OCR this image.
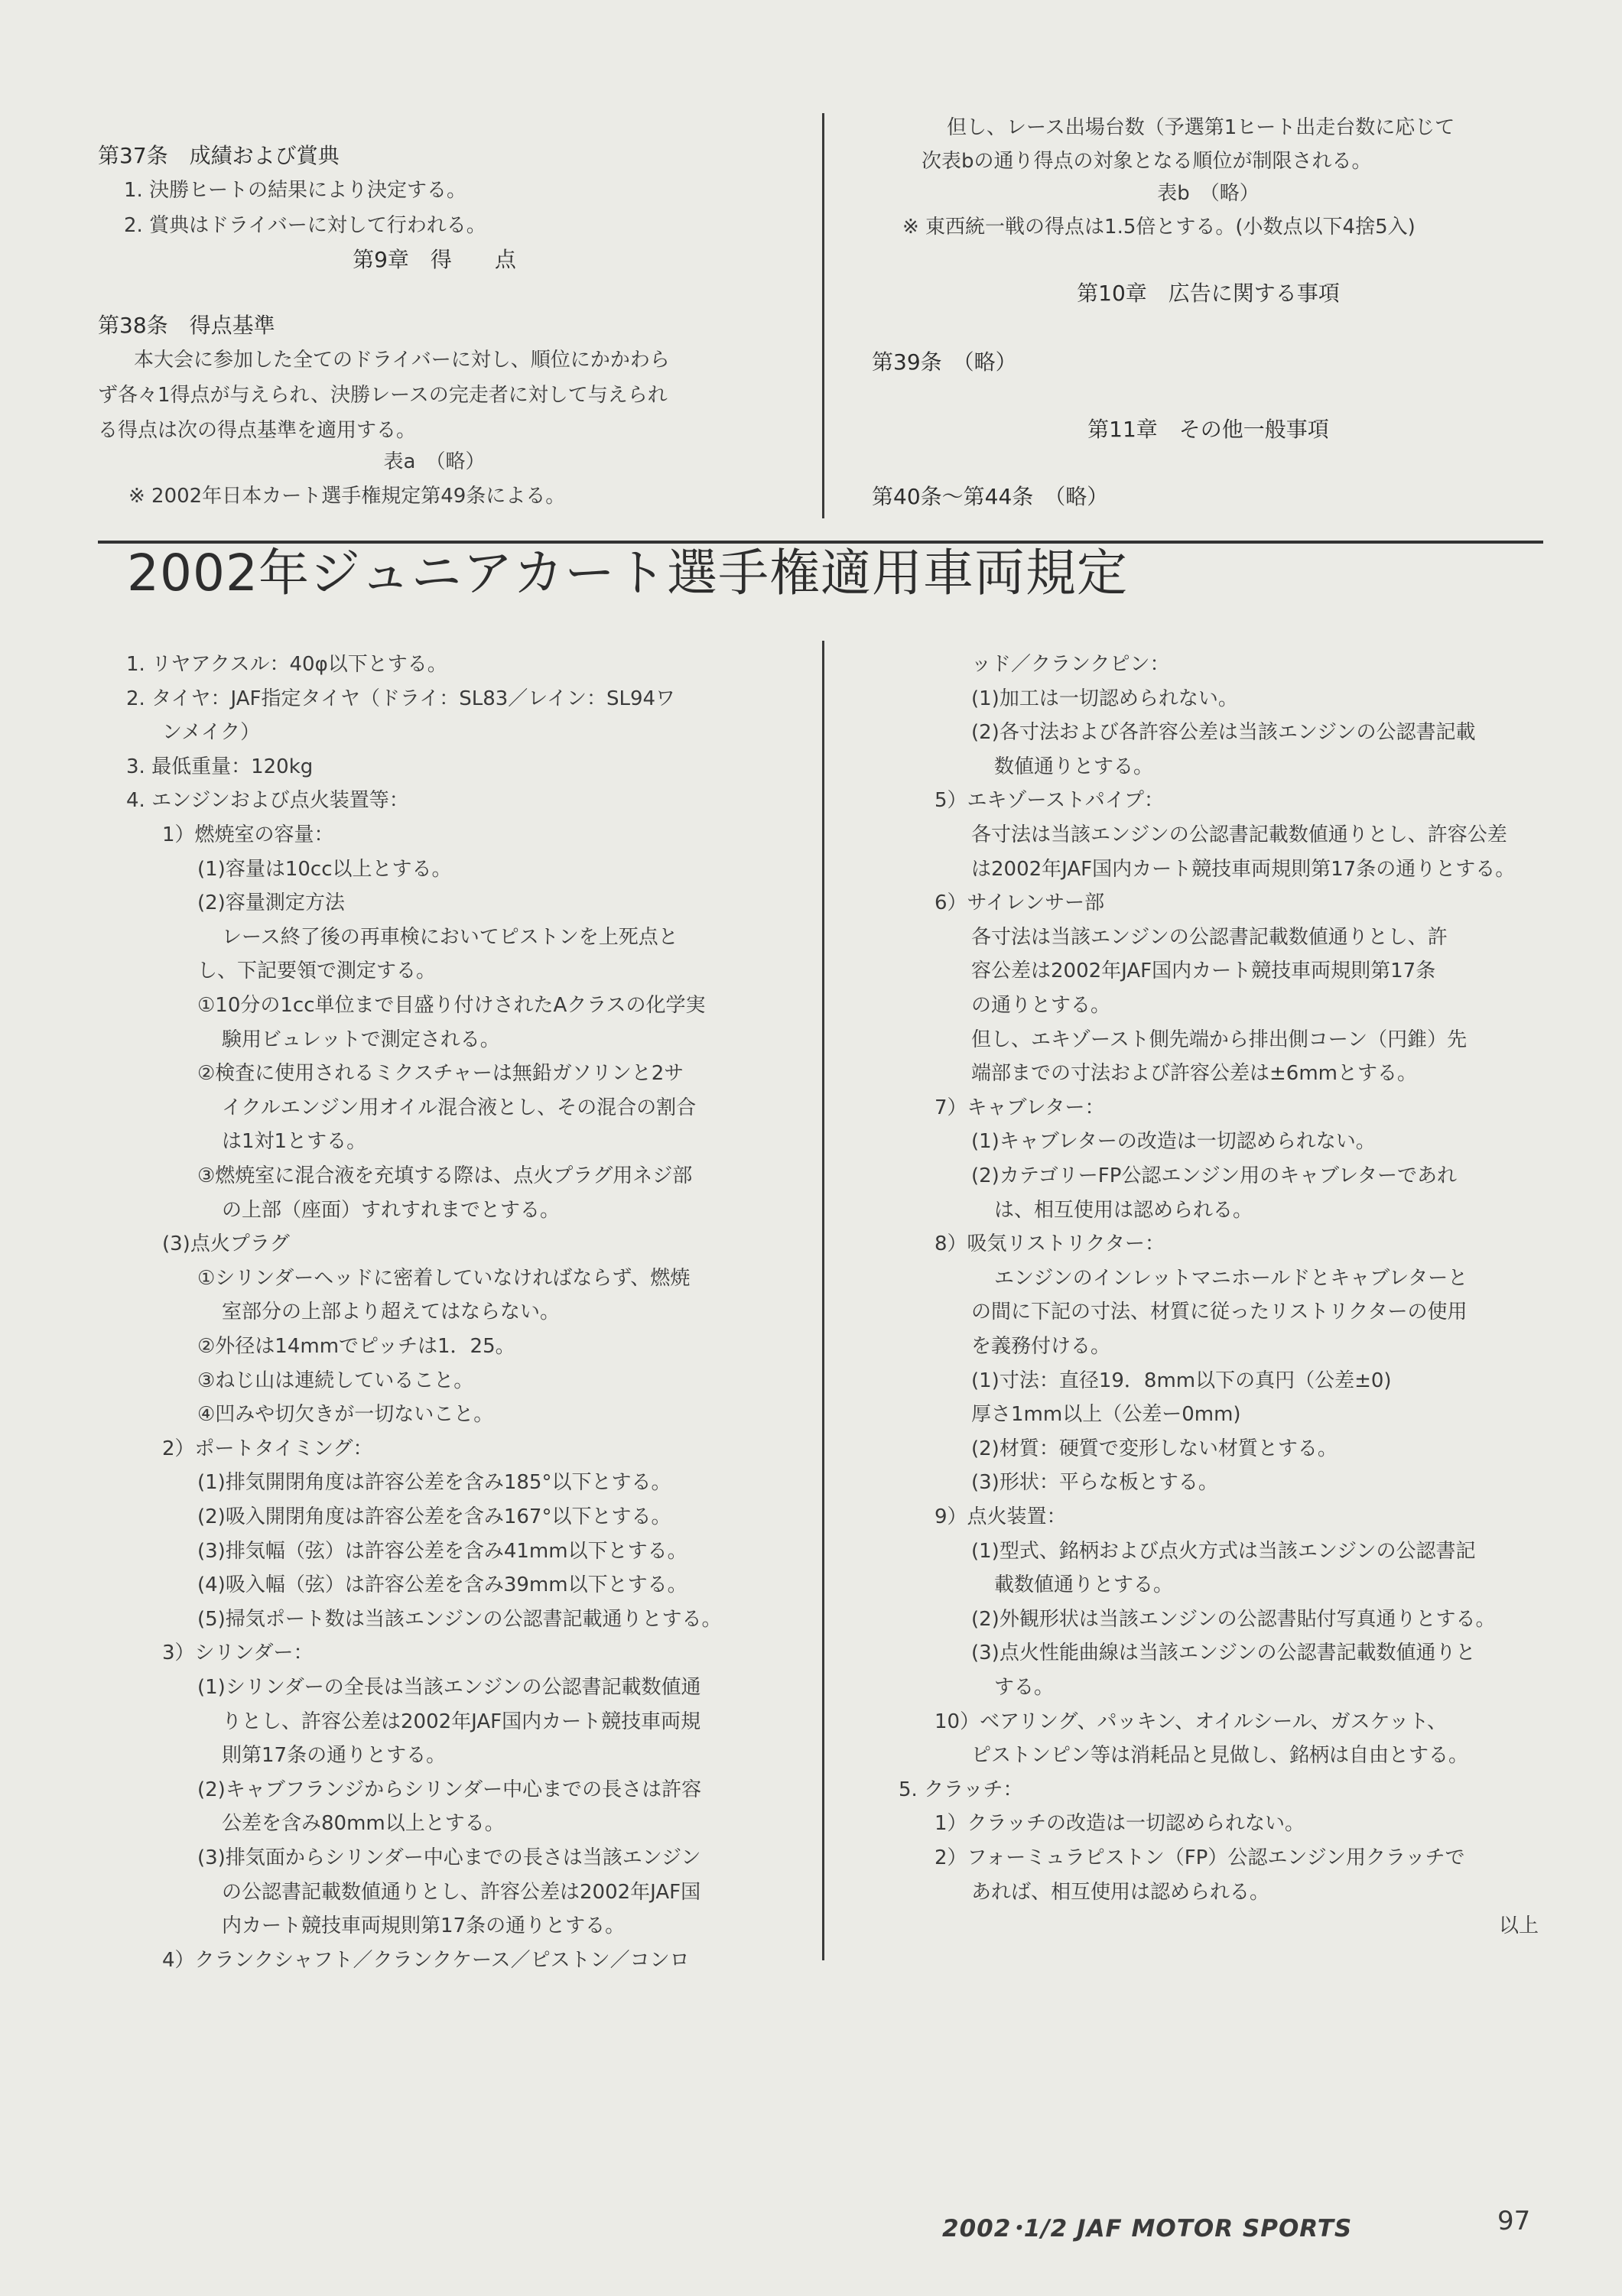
第37条　成績および賞典
1. 決勝ヒートの結果により決定する。
2. 賞典はドライバーに対して行われる。
第9章　得　　点
第38条　得点基準
本大会に参加した全てのドライバーに対し、順位にかかわら
ず各々1得点が与えられ、決勝レースの完走者に対して与えられ
る得点は次の得点基準を適用する。
表a　（略）
※ 2002年日本カート選手権規定第49条による。
但し、レース出場台数（予選第1ヒート出走台数に応じて
次表bの通り得点の対象となる順位が制限される。
表b　（略）
※ 東西統一戦の得点は1.5倍とする。(小数点以下4捨5入)
第10章　広告に関する事項
第39条　（略）
第11章　その他一般事項
第40条～第44条　（略）
2002年ジュニアカート選手権適用車両規定
1. リヤアクスル：40φ以下とする。
2. タイヤ：JAF指定タイヤ（ドライ：SL83／レイン：SL94ワ
ンメイク）
3. 最低重量：120kg
4. エンジンおよび点火装置等：
1）燃焼室の容量：
(1)容量は10cc以上とする。
(2)容量測定方法
レース終了後の再車検においてピストンを上死点と
し、下記要領で測定する。
①10分の1cc単位まで目盛り付けされたAクラスの化学実
験用ビュレットで測定される。
②検査に使用されるミクスチャーは無鉛ガソリンと2サ
イクルエンジン用オイル混合液とし、その混合の割合
は1対1とする。
③燃焼室に混合液を充填する際は、点火プラグ用ネジ部
の上部（座面）すれすれまでとする。
(3)点火プラグ
①シリンダーヘッドに密着していなければならず、燃焼
室部分の上部より超えてはならない。
②外径は14mmでピッチは1．25。
③ねじ山は連続していること。
④凹みや切欠きが一切ないこと。
2）ポートタイミング：
(1)排気開閉角度は許容公差を含み185°以下とする。
(2)吸入開閉角度は許容公差を含み167°以下とする。
(3)排気幅（弦）は許容公差を含み41mm以下とする。
(4)吸入幅（弦）は許容公差を含み39mm以下とする。
(5)掃気ポート数は当該エンジンの公認書記載通りとする。
3）シリンダー：
(1)シリンダーの全長は当該エンジンの公認書記載数値通
りとし、許容公差は2002年JAF国内カート競技車両規
則第17条の通りとする。
(2)キャブフランジからシリンダー中心までの長さは許容
公差を含み80mm以上とする。
(3)排気面からシリンダー中心までの長さは当該エンジン
の公認書記載数値通りとし、許容公差は2002年JAF国
内カート競技車両規則第17条の通りとする。
4）クランクシャフト／クランクケース／ピストン／コンロ
ッド／クランクピン：
(1)加工は一切認められない。
(2)各寸法および各許容公差は当該エンジンの公認書記載
数値通りとする。
5）エキゾーストパイプ：
各寸法は当該エンジンの公認書記載数値通りとし、許容公差
は2002年JAF国内カート競技車両規則第17条の通りとする。
6）サイレンサー部
各寸法は当該エンジンの公認書記載数値通りとし、許
容公差は2002年JAF国内カート競技車両規則第17条
の通りとする。
但し、エキゾースト側先端から排出側コーン（円錐）先
端部までの寸法および許容公差は±6mmとする。
7）キャブレター：
(1)キャブレターの改造は一切認められない。
(2)カテゴリーFP公認エンジン用のキャブレターであれ
は、相互使用は認められる。
8）吸気リストリクター：
エンジンのインレットマニホールドとキャブレターと
の間に下記の寸法、材質に従ったリストリクターの使用
を義務付ける。
(1)寸法：直径19．8mm以下の真円（公差±0)
厚さ1mm以上（公差ー0mm)
(2)材質：硬質で変形しない材質とする。
(3)形状：平らな板とする。
9）点火装置：
(1)型式、銘柄および点火方式は当該エンジンの公認書記
載数値通りとする。
(2)外観形状は当該エンジンの公認書貼付写真通りとする。
(3)点火性能曲線は当該エンジンの公認書記載数値通りと
する。
10）ベアリング、パッキン、オイルシール、ガスケット、
ピストンピン等は消耗品と見做し、銘柄は自由とする。
5. クラッチ：
1）クラッチの改造は一切認められない。
2）フォーミュラピストン（FP）公認エンジン用クラッチで
あれば、相互使用は認められる。
以上
2002･1/2 JAF MOTOR SPORTS	97
